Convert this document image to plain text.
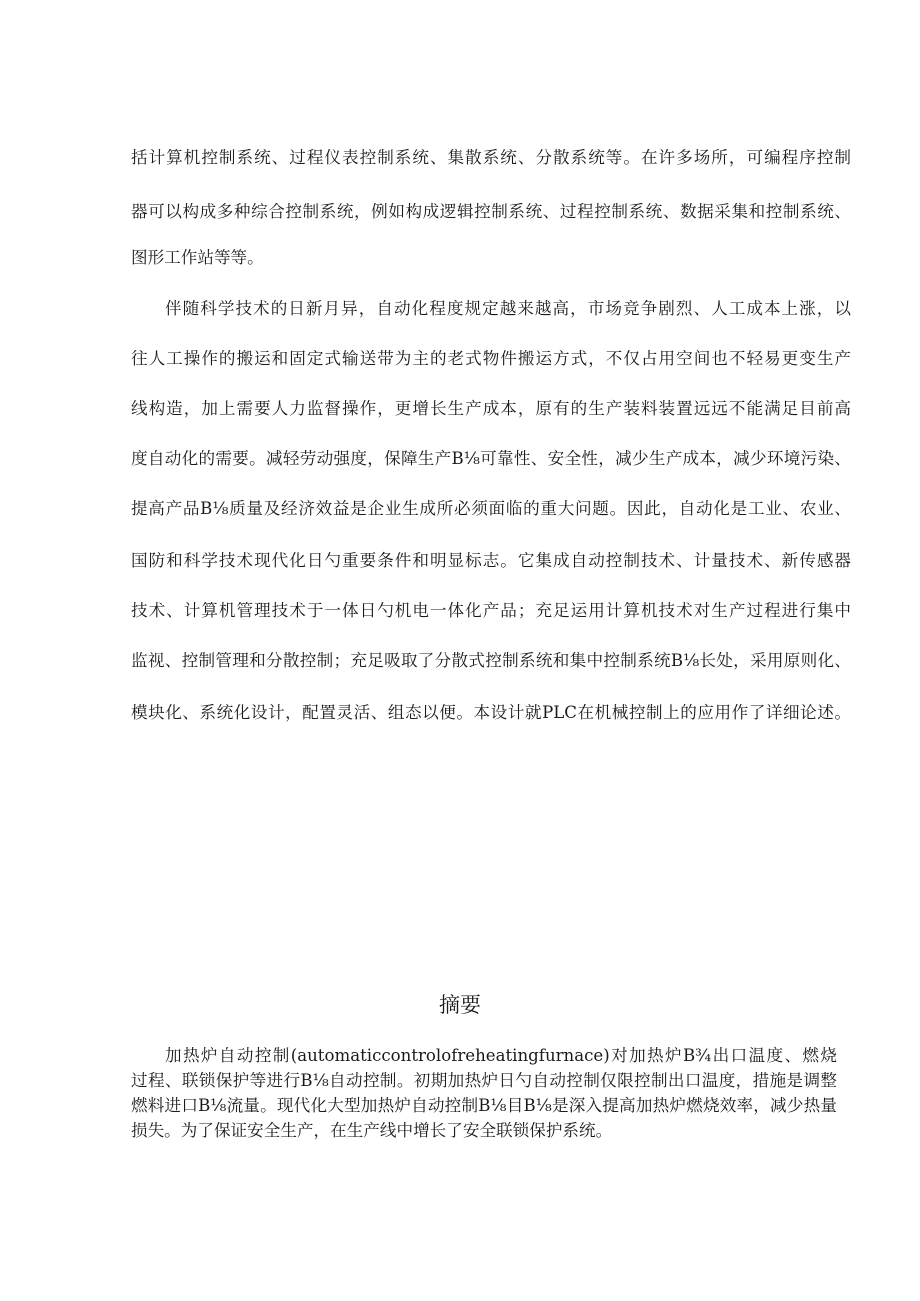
括计算机控制系统、过程仪表控制系统、集散系统、分散系统等。在许多场所，可编程序控制
器可以构成多种综合控制系统，例如构成逻辑控制系统、过程控制系统、数据采集和控制系统、
图形工作站等等。
伴随科学技术的日新月异，自动化程度规定越来越高，市场竞争剧烈、人工成本上涨，以
往人工操作的搬运和固定式输送带为主的老式物件搬运方式，不仅占用空间也不轻易更变生产
线构造，加上需要人力监督操作，更增长生产成本，原有的生产装料装置远远不能满足目前高
度自动化的需要。减轻劳动强度，保障生产B⅛可靠性、安全性，减少生产成本，减少环境污染、
提高产品B⅛质量及经济效益是企业生成所必须面临的重大问题。因此，自动化是工业、农业、
国防和科学技术现代化日勺重要条件和明显标志。它集成自动控制技术、计量技术、新传感器
技术、计算机管理技术于一体日勺机电一体化产品；充足运用计算机技术对生产过程进行集中
监视、控制管理和分散控制；充足吸取了分散式控制系统和集中控制系统B⅛长处，采用原则化、
模块化、系统化设计，配置灵活、组态以便。本设计就PLC在机械控制上的应用作了详细论述。
摘要
加热炉自动控制(automaticcontrolofreheatingfurnace)对加热炉B¾出口温度、燃烧
过程、联锁保护等进行B⅛自动控制。初期加热炉日勺自动控制仅限控制出口温度，措施是调整
燃料进口B⅛流量。现代化大型加热炉自动控制B⅛目B⅛是深入提高加热炉燃烧效率，减少热量
损失。为了保证安全生产，在生产线中增长了安全联锁保护系统。
